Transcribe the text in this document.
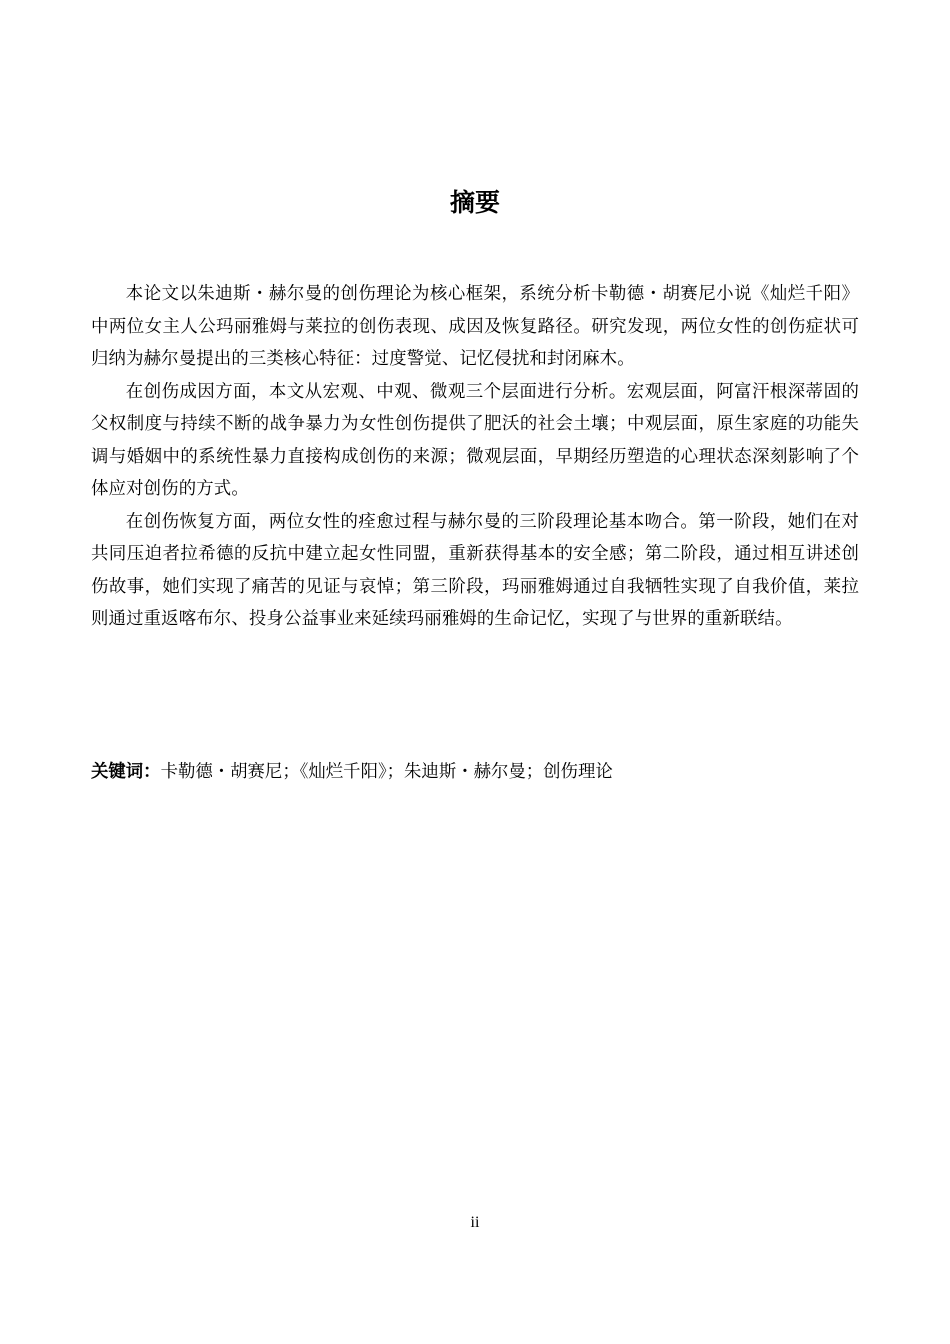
摘要

本论文以朱迪斯・赫尔曼的创伤理论为核心框架，系统分析卡勒德・胡赛尼小说《灿烂千阳》中两位女主人公玛丽雅姆与莱拉的创伤表现、成因及恢复路径。研究发现，两位女性的创伤症状可归纳为赫尔曼提出的三类核心特征：过度警觉、记忆侵扰和封闭麻木。

在创伤成因方面，本文从宏观、中观、微观三个层面进行分析。宏观层面，阿富汗根深蒂固的父权制度与持续不断的战争暴力为女性创伤提供了肥沃的社会土壤；中观层面，原生家庭的功能失调与婚姻中的系统性暴力直接构成创伤的来源；微观层面，早期经历塑造的心理状态深刻影响了个体应对创伤的方式。

在创伤恢复方面，两位女性的痊愈过程与赫尔曼的三阶段理论基本吻合。第一阶段，她们在对共同压迫者拉希德的反抗中建立起女性同盟，重新获得基本的安全感；第二阶段，通过相互讲述创伤故事，她们实现了痛苦的见证与哀悼；第三阶段，玛丽雅姆通过自我牺牲实现了自我价值，莱拉则通过重返喀布尔、投身公益事业来延续玛丽雅姆的生命记忆，实现了与世界的重新联结。

关键词：卡勒德・胡赛尼；《灿烂千阳》；朱迪斯・赫尔曼；创伤理论

ii
